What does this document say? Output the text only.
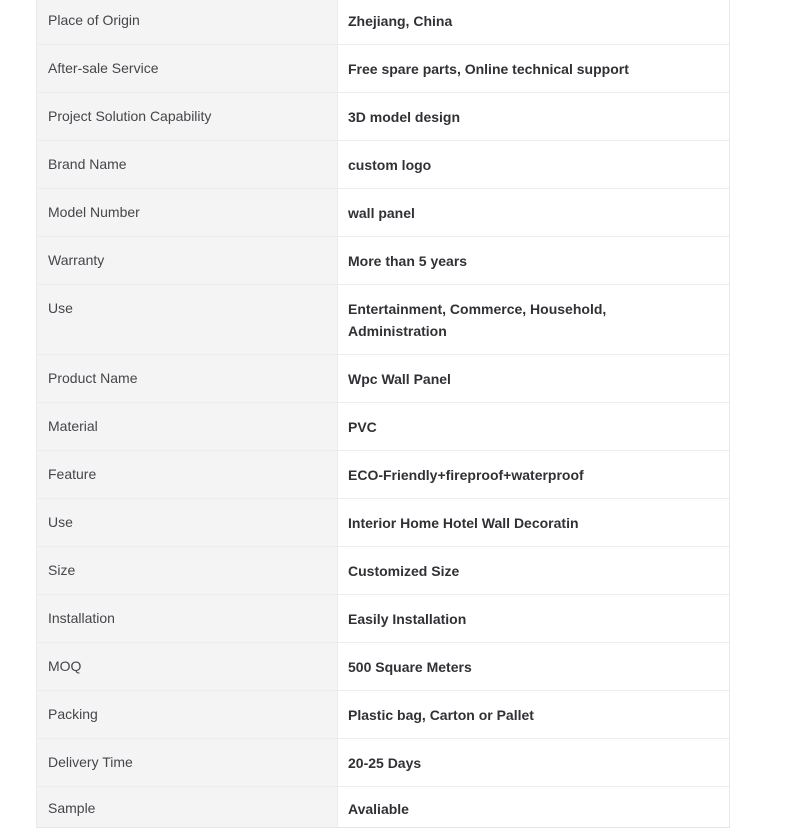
Place of Origin	Zhejiang, China
After-sale Service	Free spare parts, Online technical support
Project Solution Capability	3D model design
Brand Name	custom logo
Model Number	wall panel
Warranty	More than 5 years
Use	Entertainment, Commerce, Household, Administration
Product Name	Wpc Wall Panel
Material	PVC
Feature	ECO-Friendly+fireproof+waterproof
Use	Interior Home Hotel Wall Decoratin
Size	Customized Size
Installation	Easily Installation
MOQ	500 Square Meters
Packing	Plastic bag, Carton or Pallet
Delivery Time	20-25 Days
Sample	Avaliable
